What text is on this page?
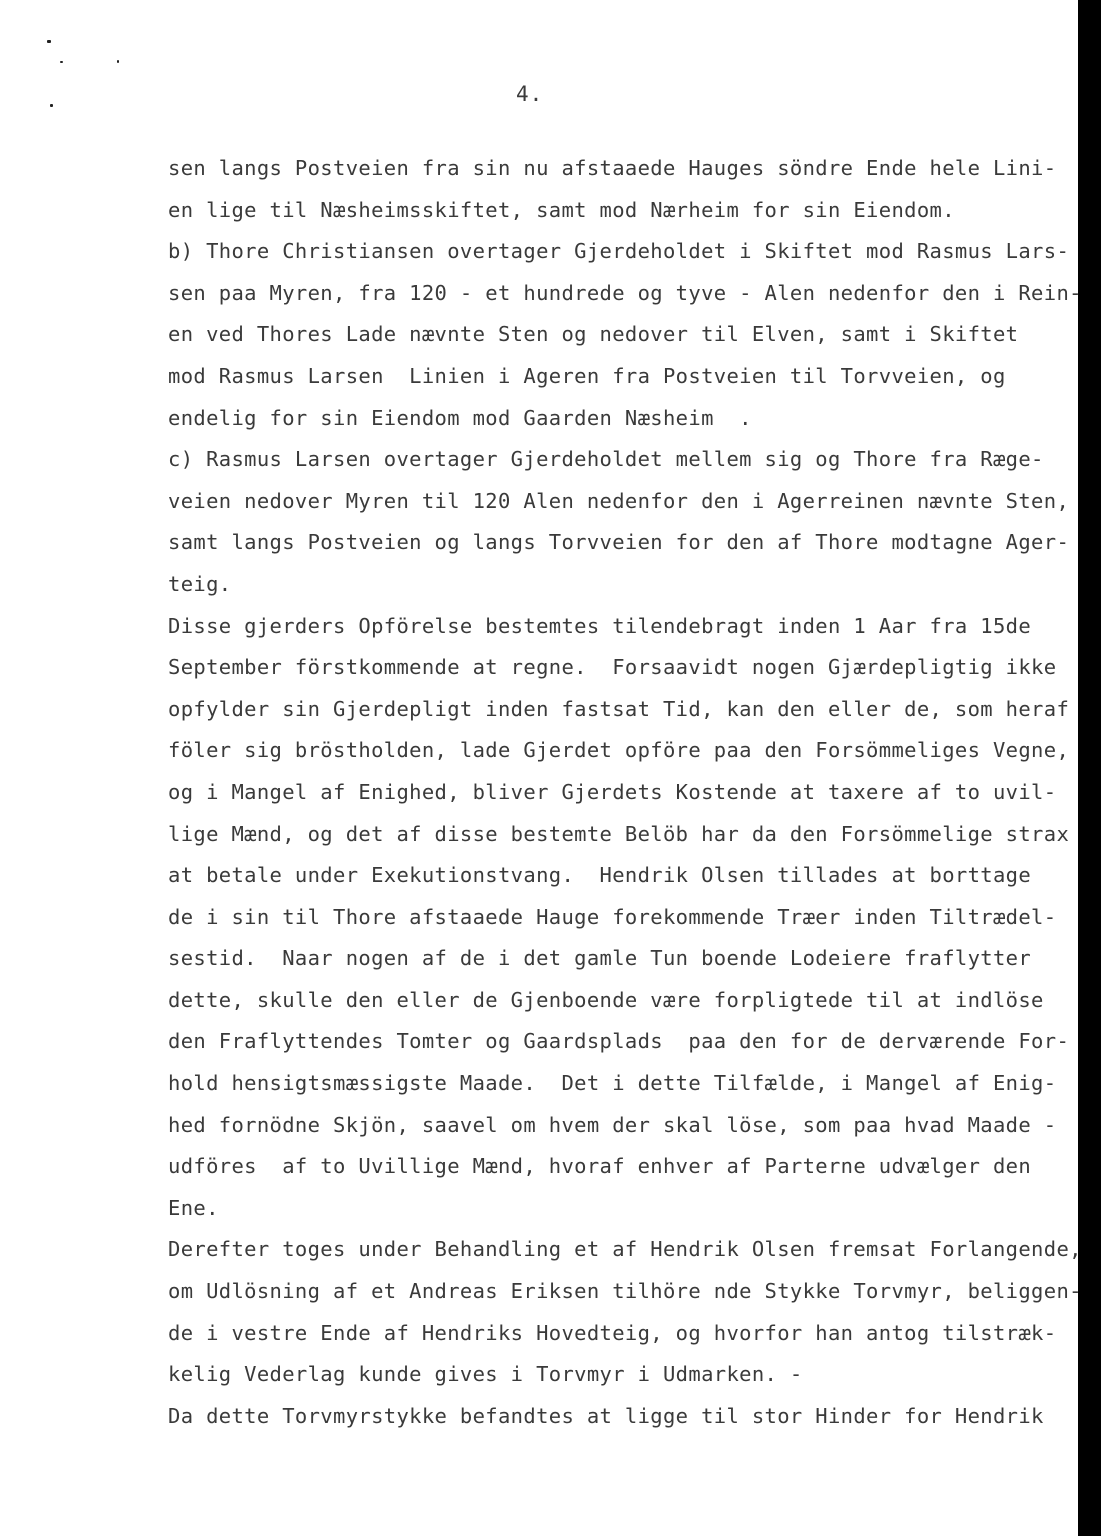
4.
sen langs Postveien fra sin nu afstaaede Hauges söndre Ende hele Lini-
en lige til Næsheimsskiftet, samt mod Nærheim for sin Eiendom.
b) Thore Christiansen overtager Gjerdeholdet i Skiftet mod Rasmus Lars-
sen paa Myren, fra 120 - et hundrede og tyve - Alen nedenfor den i Rein-
en ved Thores Lade nævnte Sten og nedover til Elven, samt i Skiftet
mod Rasmus Larsen  Linien i Ageren fra Postveien til Torvveien, og
endelig for sin Eiendom mod Gaarden Næsheim  .
c) Rasmus Larsen overtager Gjerdeholdet mellem sig og Thore fra Ræge-
veien nedover Myren til 120 Alen nedenfor den i Agerreinen nævnte Sten,
samt langs Postveien og langs Torvveien for den af Thore modtagne Ager-
teig.
Disse gjerders Opförelse bestemtes tilendebragt inden 1 Aar fra 15de
September förstkommende at regne.  Forsaavidt nogen Gjærdepligtig ikke
opfylder sin Gjerdepligt inden fastsat Tid, kan den eller de, som heraf
föler sig bröstholden, lade Gjerdet opföre paa den Forsömmeliges Vegne,
og i Mangel af Enighed, bliver Gjerdets Kostende at taxere af to uvil-
lige Mænd, og det af disse bestemte Belöb har da den Forsömmelige strax
at betale under Exekutionstvang.  Hendrik Olsen tillades at borttage
de i sin til Thore afstaaede Hauge forekommende Træer inden Tiltrædel-
sestid.  Naar nogen af de i det gamle Tun boende Lodeiere fraflytter
dette, skulle den eller de Gjenboende være forpligtede til at indlöse
den Fraflyttendes Tomter og Gaardsplads  paa den for de derværende For-
hold hensigtsmæssigste Maade.  Det i dette Tilfælde, i Mangel af Enig-
hed fornödne Skjön, saavel om hvem der skal löse, som paa hvad Maade -
udföres  af to Uvillige Mænd, hvoraf enhver af Parterne udvælger den
Ene.
Derefter toges under Behandling et af Hendrik Olsen fremsat Forlangende,
om Udlösning af et Andreas Eriksen tilhöre nde Stykke Torvmyr, beliggen-
de i vestre Ende af Hendriks Hovedteig, og hvorfor han antog tilstræk-
kelig Vederlag kunde gives i Torvmyr i Udmarken. -
Da dette Torvmyrstykke befandtes at ligge til stor Hinder for Hendrik
